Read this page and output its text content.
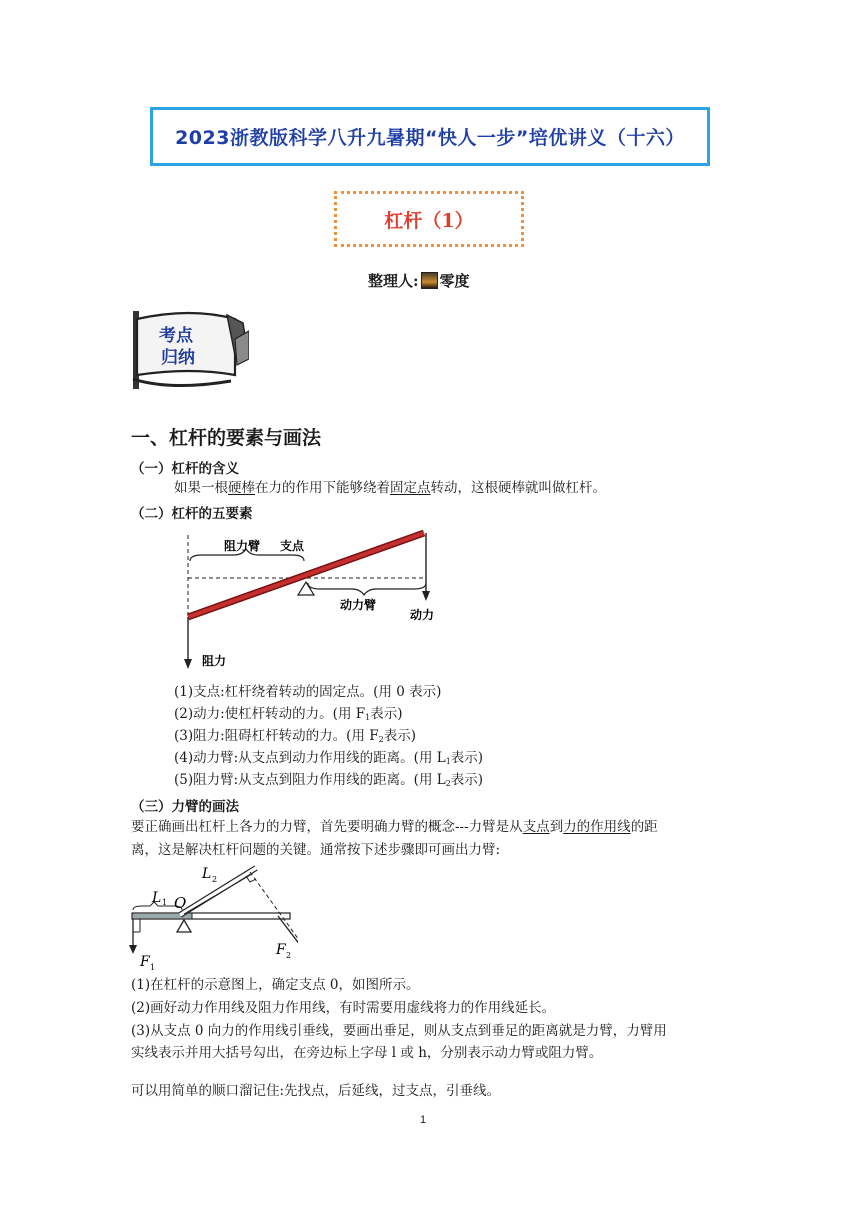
2023浙教版科学八升九暑期“快人一步”培优讲义（十六）
杠杆（1）
整理人: 零度
考点
归纳
一、杠杆的要素与画法
（一）杠杆的含义
如果一根硬棒在力的作用下能够绕着固定点转动，这根硬棒就叫做杠杆。
（二）杠杆的五要素
阻力臂 支点
动力臂
动力
阻力
(1)支点:杠杆绕着转动的固定点。(用 0 表示)
(2)动力:使杠杆转动的力。(用 $F_1$表示)
(3)阻力:阻碍杠杆转动的力。(用 $F_2$表示)
(4)动力臂:从支点到动力作用线的距离。(用 $L_1$表示)
(5)阻力臂:从支点到阻力作用线的距离。(用 $L_2$表示)
（三）力臂的画法
要正确画出杠杆上各力的力臂，首先要明确力臂的概念---力臂是从支点到力的作用线的距
离，这是解决杠杆问题的关键。通常按下述步骤即可画出力臂:
L 1
L 2
O
F 1
F 2
(1)在杠杆的示意图上，确定支点 0，如图所示。
(2)画好动力作用线及阻力作用线，有时需要用虚线将力的作用线延长。
(3)从支点 0 向力的作用线引垂线，要画出垂足，则从支点到垂足的距离就是力臂，力臂用
实线表示并用大括号勾出，在旁边标上字母 l 或 h，分别表示动力臂或阻力臂。
可以用简单的顺口溜记住:先找点，后延线，过支点，引垂线。
1
